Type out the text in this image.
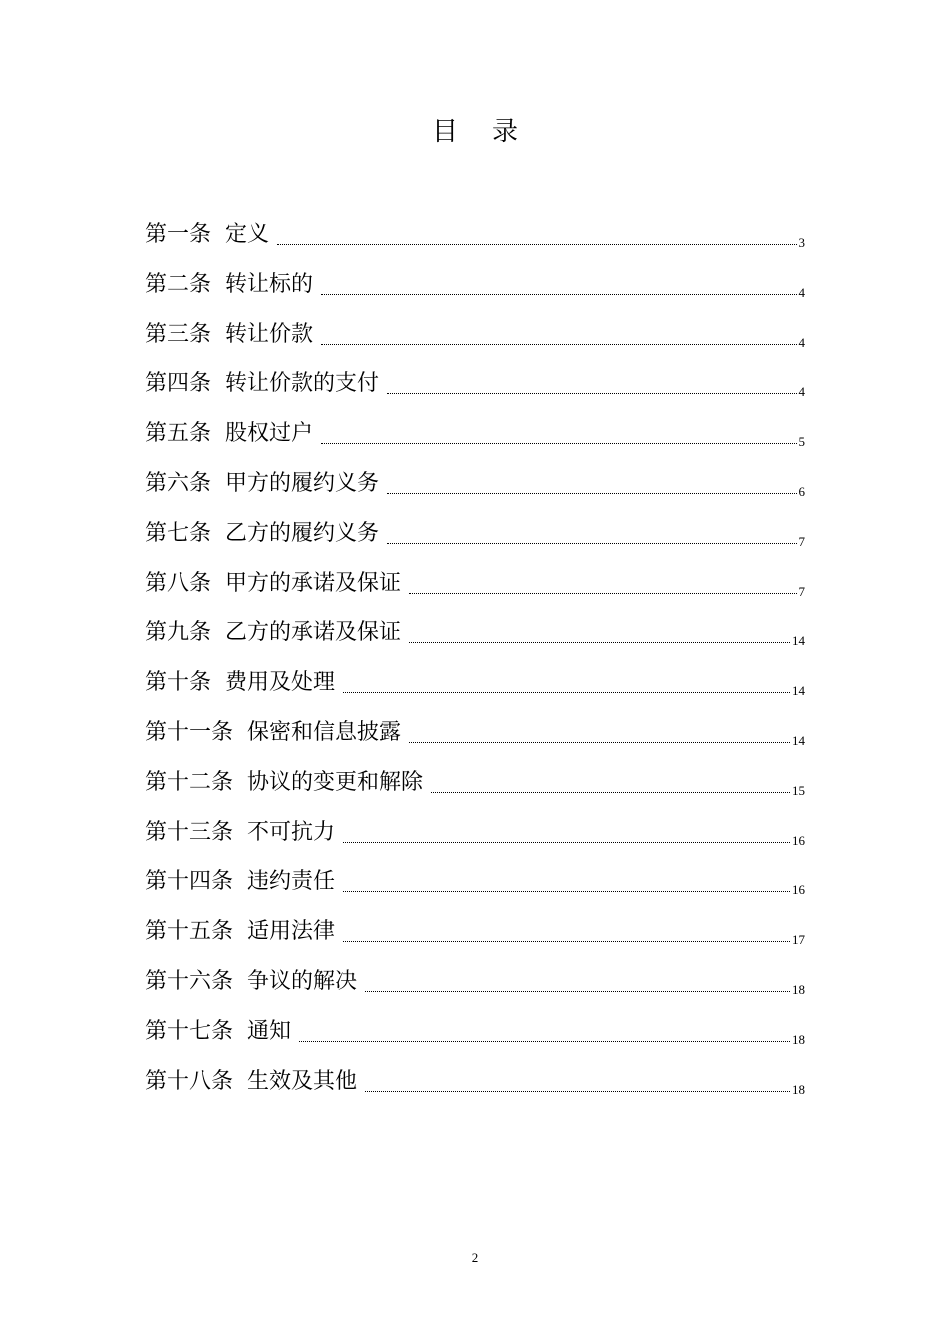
目录
第一条 定义	3
第二条 转让标的	4
第三条 转让价款	4
第四条 转让价款的支付	4
第五条 股权过户	5
第六条 甲方的履约义务	6
第七条 乙方的履约义务	7
第八条 甲方的承诺及保证	7
第九条 乙方的承诺及保证	14
第十条 费用及处理	14
第十一条 保密和信息披露	14
第十二条 协议的变更和解除	15
第十三条 不可抗力	16
第十四条 违约责任	16
第十五条 适用法律	17
第十六条 争议的解决	18
第十七条 通知	18
第十八条 生效及其他	18
2
